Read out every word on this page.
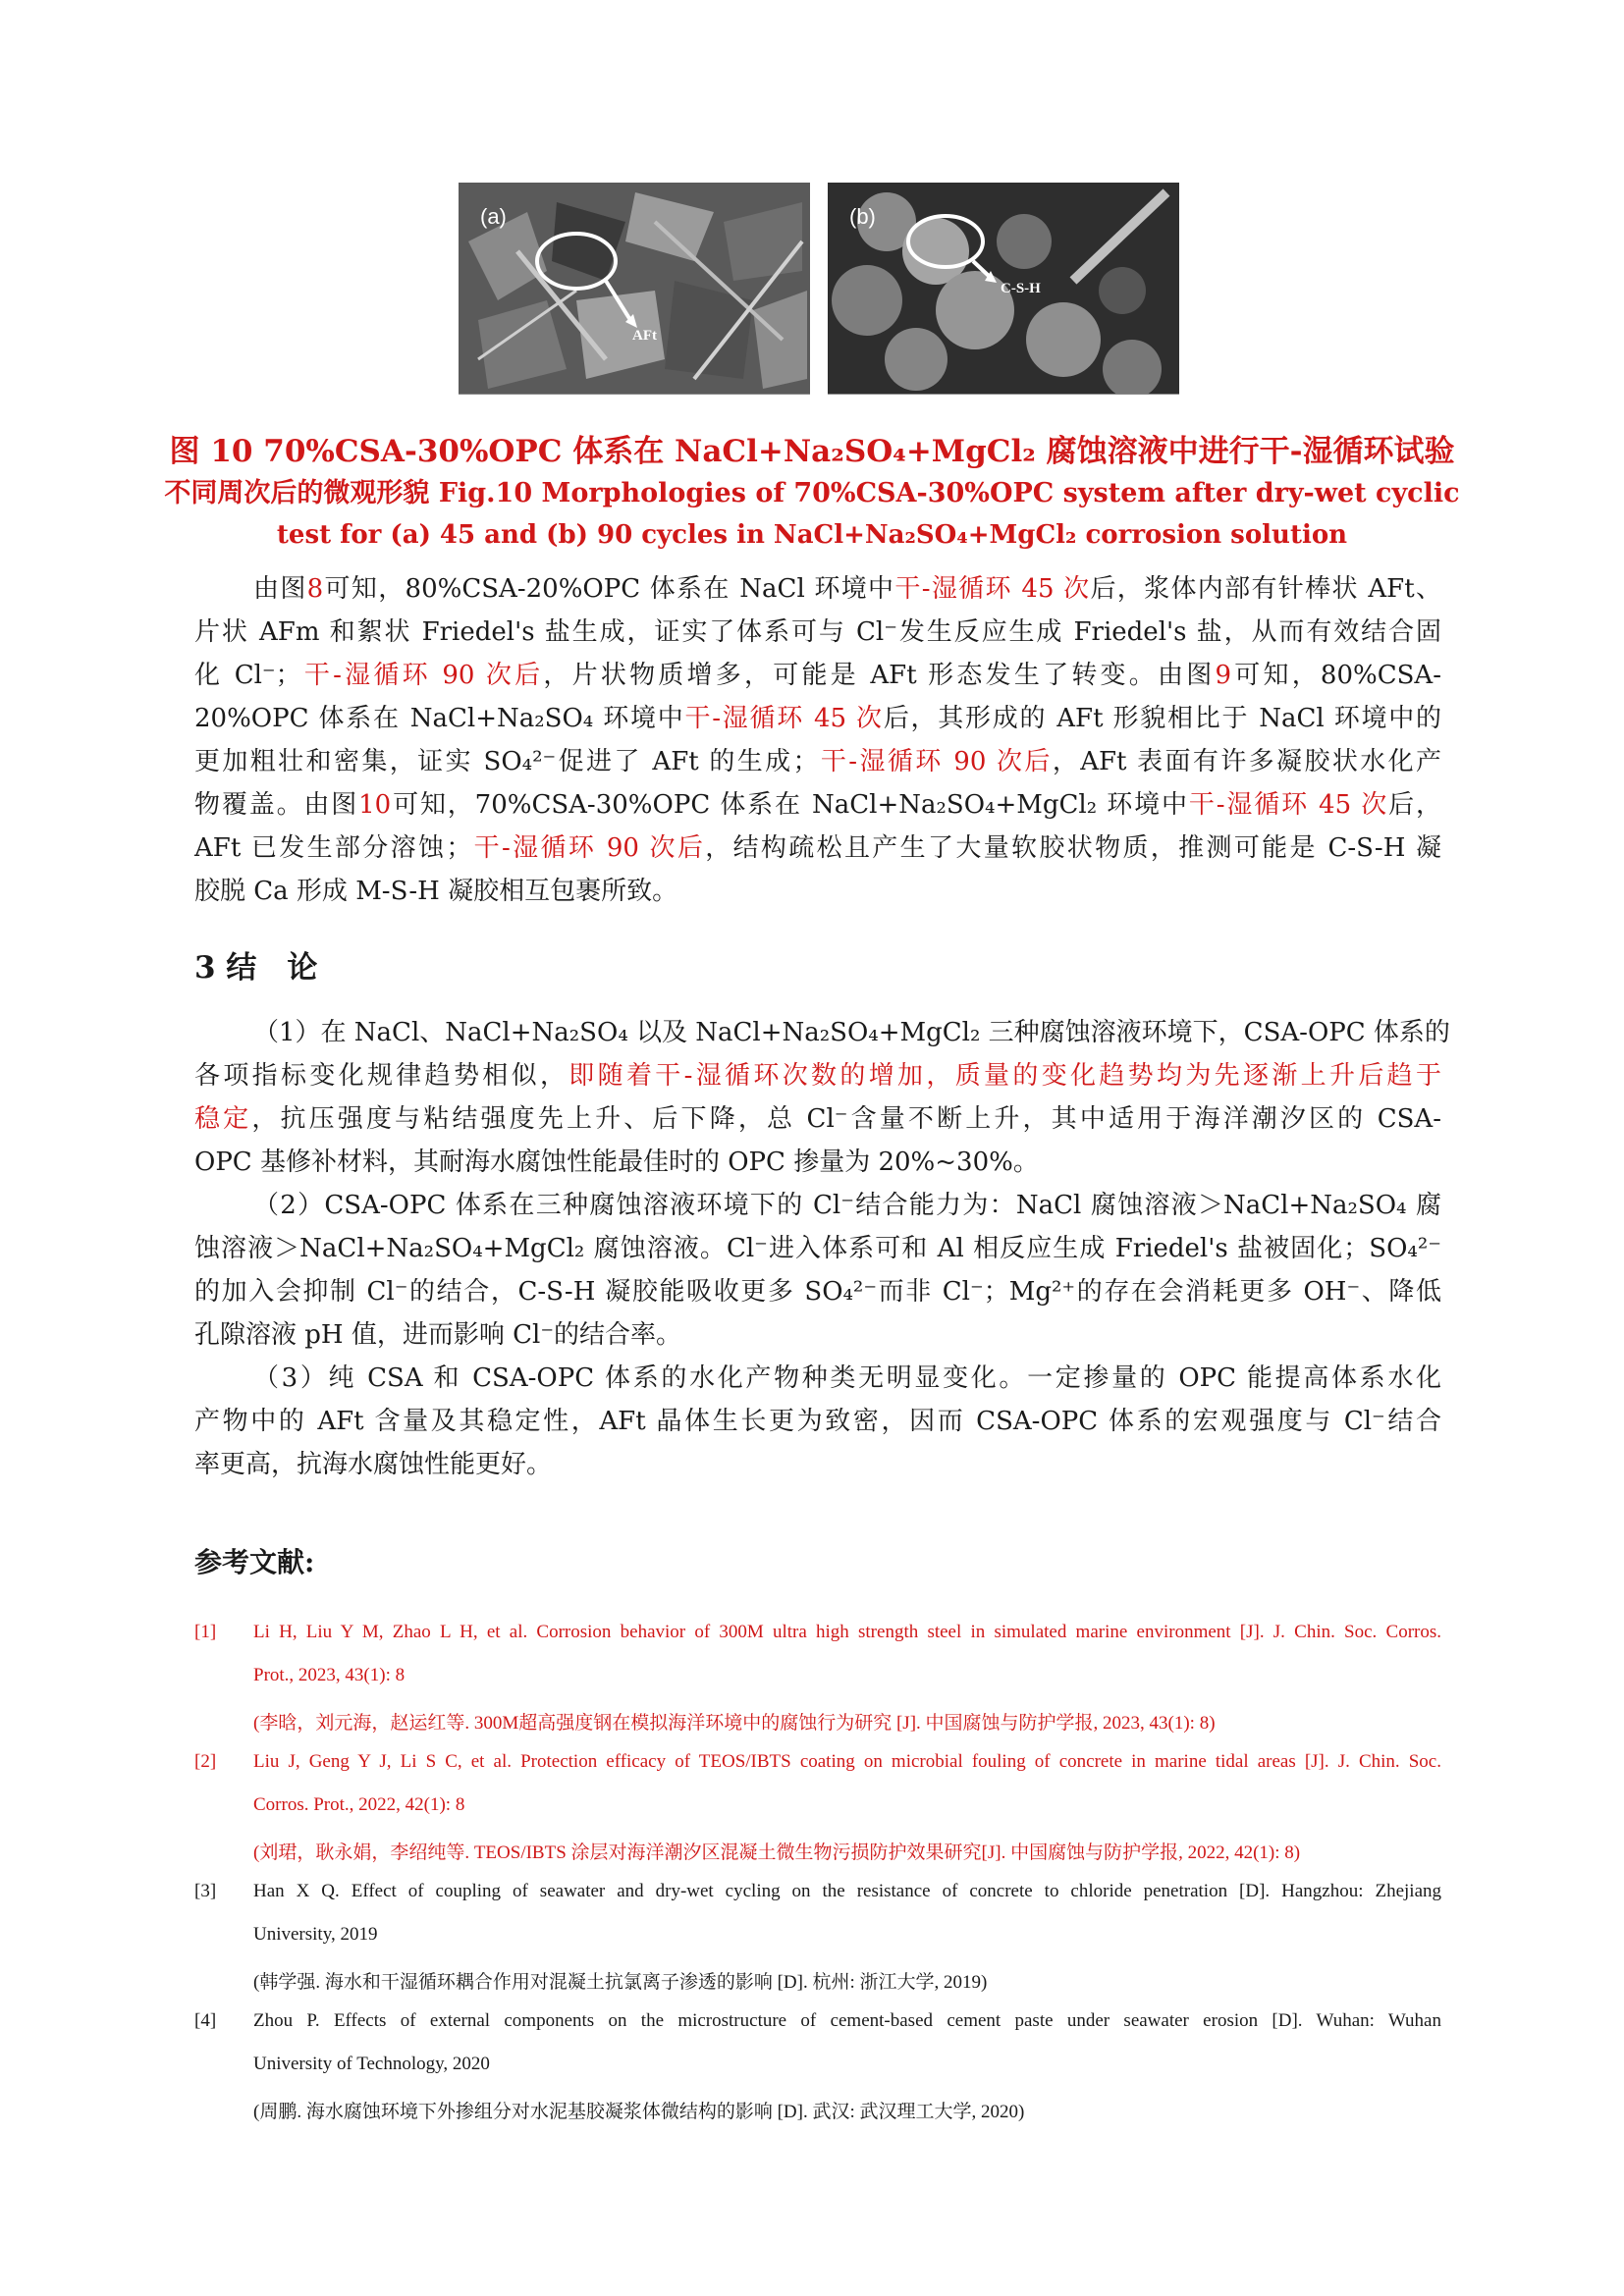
(a)
AFt
(b)
C-S-H
图 10 70%CSA-30%OPC 体系在 NaCl+Na₂SO₄+MgCl₂ 腐蚀溶液中进行干-湿循环试验
不同周次后的微观形貌 Fig.10 Morphologies of 70%CSA-30%OPC system after dry-wet cyclic
test for (a) 45 and (b) 90 cycles in NaCl+Na₂SO₄+MgCl₂ corrosion solution

由图8可知，80%CSA-20%OPC 体系在 NaCl 环境中干-湿循环 45 次后，浆体内部有针棒状 AFt、

片状 AFm 和絮状 Friedel's 盐生成，证实了体系可与 Cl⁻发生反应生成 Friedel's 盐，从而有效结合固

化 Cl⁻；干-湿循环 90 次后，片状物质增多，可能是 AFt 形态发生了转变。由图9可知，80%CSA-

20%OPC 体系在 NaCl+Na₂SO₄ 环境中干-湿循环 45 次后，其形成的 AFt 形貌相比于 NaCl 环境中的

更加粗壮和密集，证实 SO₄²⁻促进了 AFt 的生成；干-湿循环 90 次后，AFt 表面有许多凝胶状水化产

物覆盖。由图10可知，70%CSA-30%OPC 体系在 NaCl+Na₂SO₄+MgCl₂ 环境中干-湿循环 45 次后，

AFt 已发生部分溶蚀；干-湿循环 90 次后，结构疏松且产生了大量软胶状物质，推测可能是 C-S-H 凝

胶脱 Ca 形成 M-S-H 凝胶相互包裹所致。

3 结　论

（1）在 NaCl、NaCl+Na₂SO₄ 以及 NaCl+Na₂SO₄+MgCl₂ 三种腐蚀溶液环境下，CSA-OPC 体系的

各项指标变化规律趋势相似，即随着干-湿循环次数的增加，质量的变化趋势均为先逐渐上升后趋于

稳定，抗压强度与粘结强度先上升、后下降，总 Cl⁻含量不断上升，其中适用于海洋潮汐区的 CSA-

OPC 基修补材料，其耐海水腐蚀性能最佳时的 OPC 掺量为 20%~30%。

（2）CSA-OPC 体系在三种腐蚀溶液环境下的 Cl⁻结合能力为：NaCl 腐蚀溶液＞NaCl+Na₂SO₄ 腐

蚀溶液＞NaCl+Na₂SO₄+MgCl₂ 腐蚀溶液。Cl⁻进入体系可和 Al 相反应生成 Friedel's 盐被固化；SO₄²⁻

的加入会抑制 Cl⁻的结合，C-S-H 凝胶能吸收更多 SO₄²⁻而非 Cl⁻；Mg²⁺的存在会消耗更多 OH⁻、降低

孔隙溶液 pH 值，进而影响 Cl⁻的结合率。

（3）纯 CSA 和 CSA-OPC 体系的水化产物种类无明显变化。一定掺量的 OPC 能提高体系水化

产物中的 AFt 含量及其稳定性，AFt 晶体生长更为致密，因而 CSA-OPC 体系的宏观强度与 Cl⁻结合

率更高，抗海水腐蚀性能更好。

参考文献:
[1] Li H, Liu Y M, Zhao L H, et al. Corrosion behavior of 300M ultra high strength steel in simulated marine environment [J]. J. Chin. Soc. Corros.
Prot., 2023, 43(1): 8
(李晗，刘元海，赵运红等. 300M超高强度钢在模拟海洋环境中的腐蚀行为研究 [J]. 中国腐蚀与防护学报, 2023, 43(1): 8)
[2] Liu J, Geng Y J, Li S C, et al. Protection efficacy of TEOS/IBTS coating on microbial fouling of concrete in marine tidal areas [J]. J. Chin. Soc.
Corros. Prot., 2022, 42(1): 8
(刘珺，耿永娟，李绍纯等. TEOS/IBTS 涂层对海洋潮汐区混凝土微生物污损防护效果研究[J]. 中国腐蚀与防护学报, 2022, 42(1): 8)
[3] Han X Q. Effect of coupling of seawater and dry-wet cycling on the resistance of concrete to chloride penetration [D]. Hangzhou: Zhejiang
University, 2019
(韩学强. 海水和干湿循环耦合作用对混凝土抗氯离子渗透的影响 [D]. 杭州: 浙江大学, 2019)
[4] Zhou P. Effects of external components on the microstructure of cement-based cement paste under seawater erosion [D]. Wuhan: Wuhan
University of Technology, 2020
(周鹏. 海水腐蚀环境下外掺组分对水泥基胶凝浆体微结构的影响 [D]. 武汉: 武汉理工大学, 2020)
